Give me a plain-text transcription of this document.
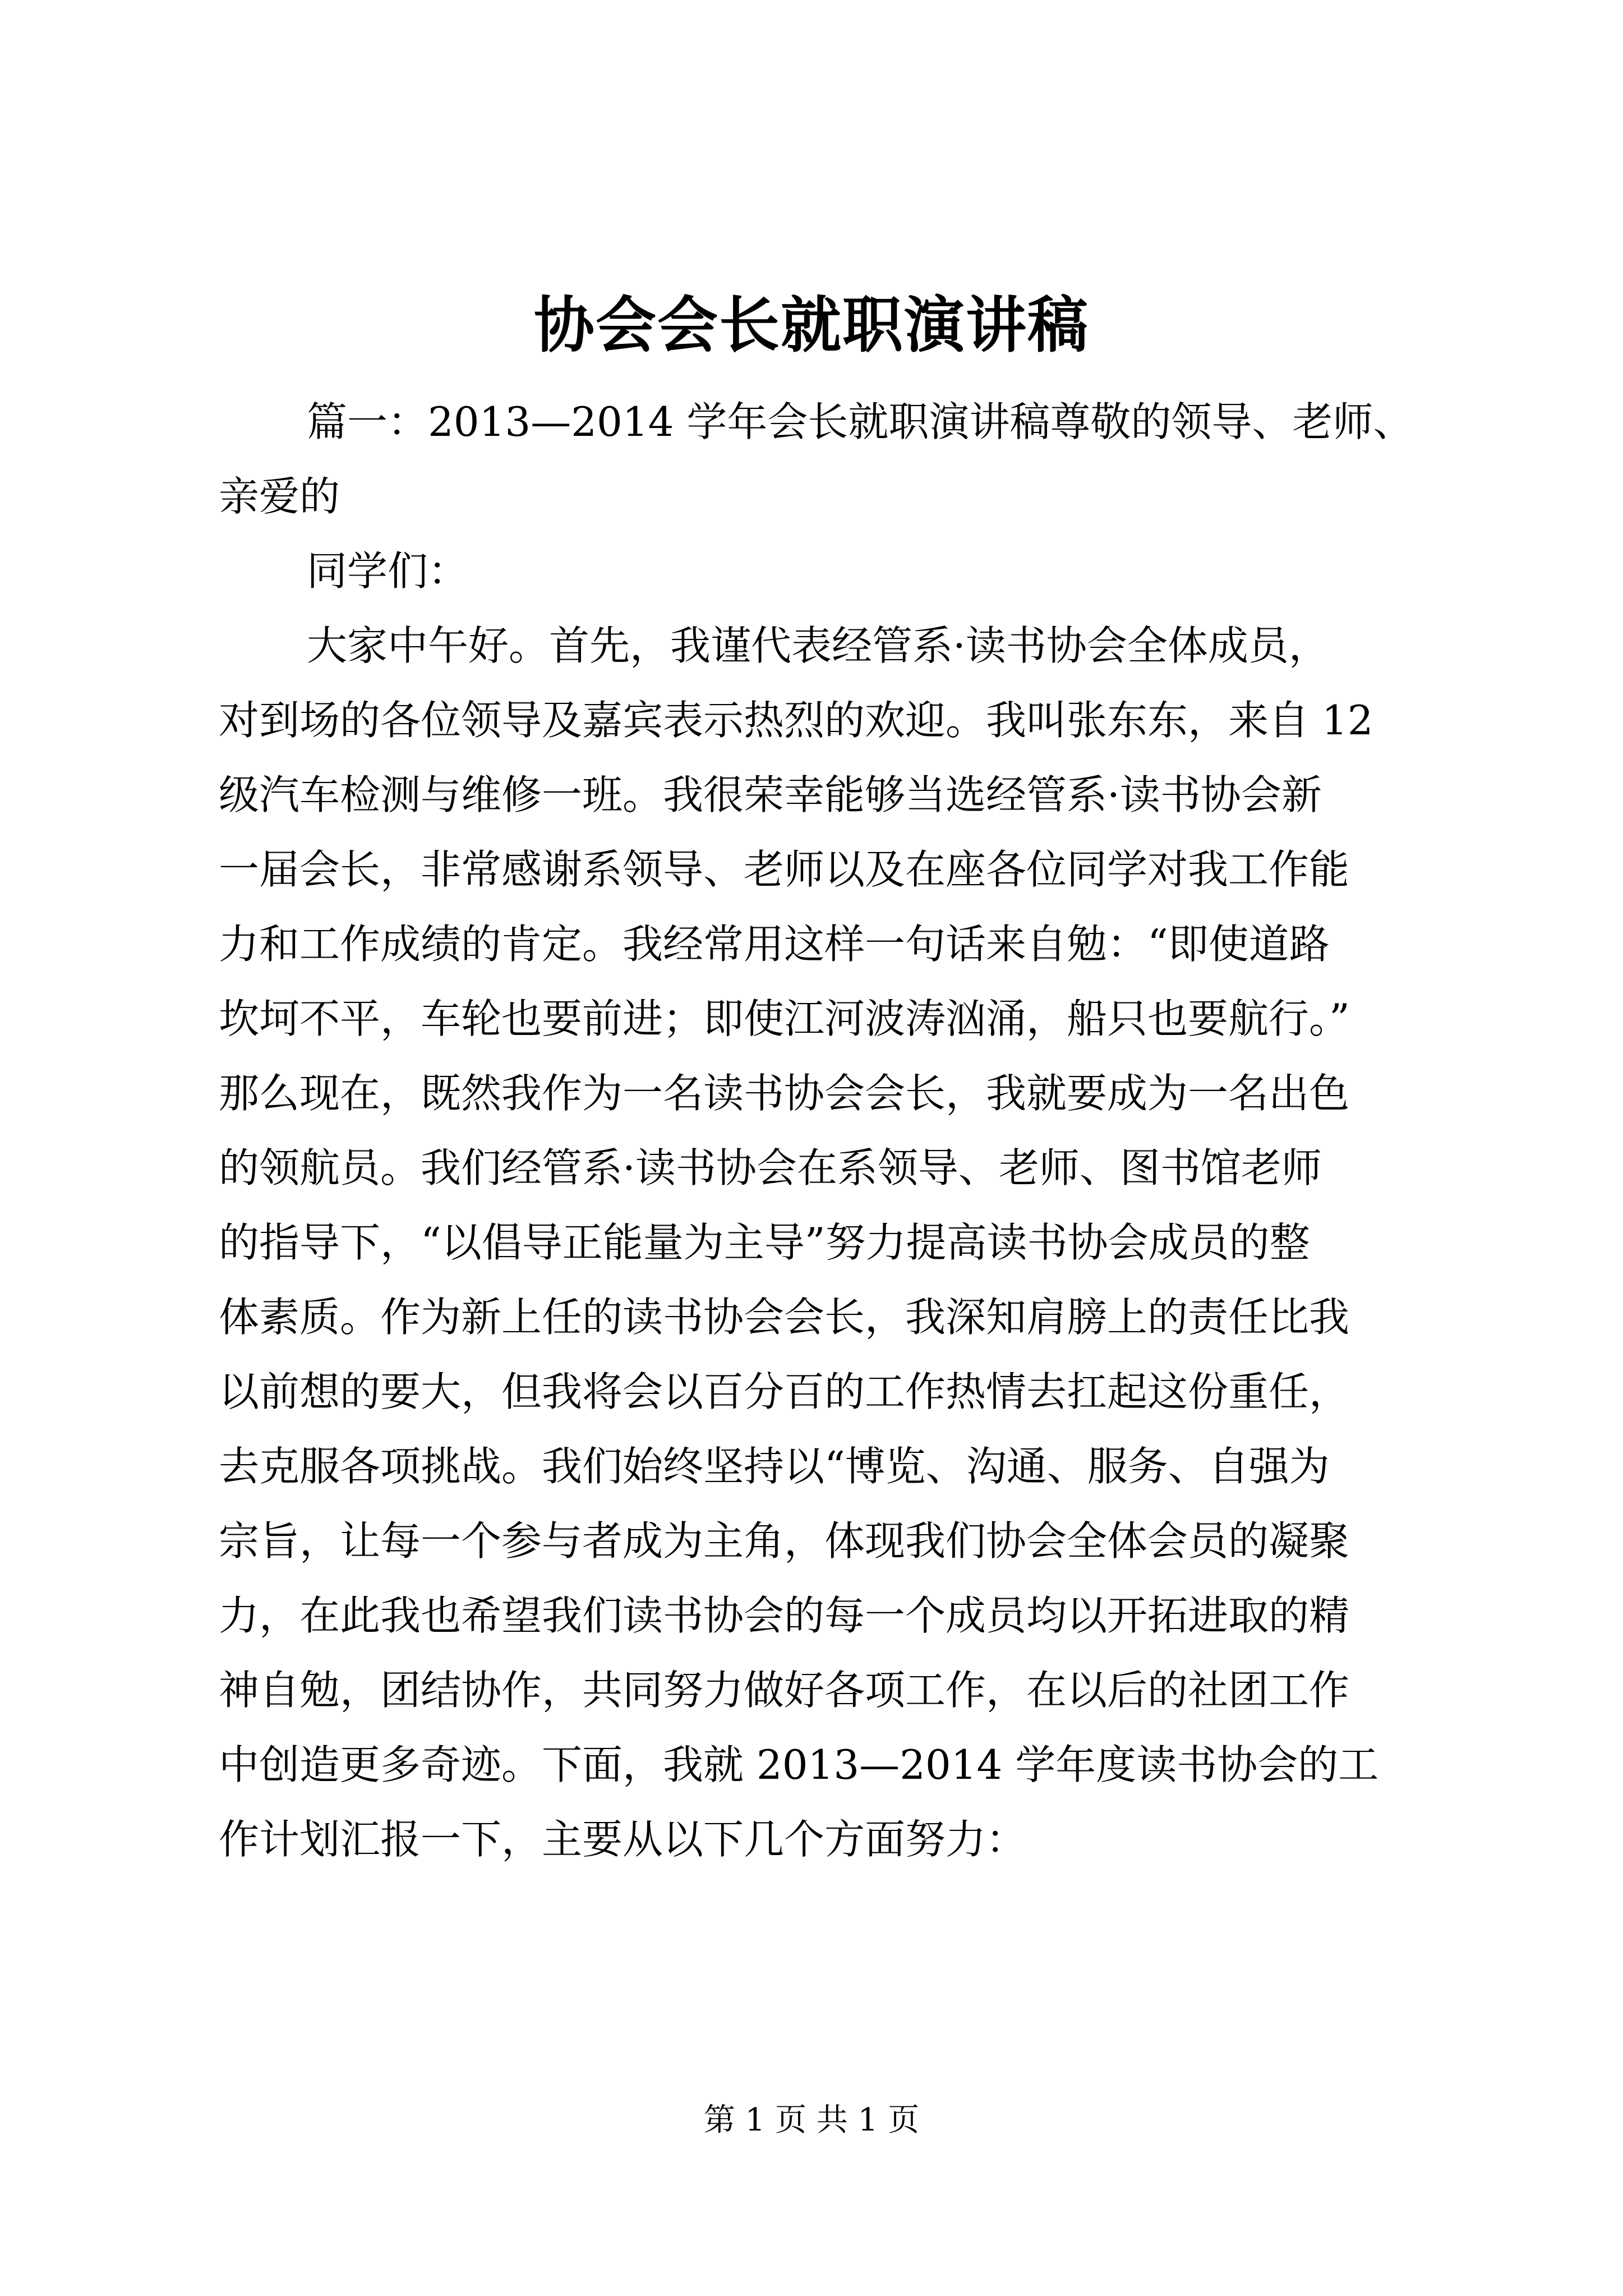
协会会长就职演讲稿
篇一：2013—2014 学年会长就职演讲稿尊敬的领导、老师、
亲爱的
同学们：
大家中午好。首先，我谨代表经管系·读书协会全体成员，
对到场的各位领导及嘉宾表示热烈的欢迎。我叫张东东，来自 12
级汽车检测与维修一班。我很荣幸能够当选经管系·读书协会新
一届会长，非常感谢系领导、老师以及在座各位同学对我工作能
力和工作成绩的肯定。我经常用这样一句话来自勉：“即使道路
坎坷不平，车轮也要前进；即使江河波涛汹涌，船只也要航行。”
那么现在，既然我作为一名读书协会会长，我就要成为一名出色
的领航员。我们经管系·读书协会在系领导、老师、图书馆老师
的指导下，“以倡导正能量为主导”努力提高读书协会成员的整
体素质。作为新上任的读书协会会长，我深知肩膀上的责任比我
以前想的要大，但我将会以百分百的工作热情去扛起这份重任，
去克服各项挑战。我们始终坚持以“博览、沟通、服务、自强为
宗旨，让每一个参与者成为主角，体现我们协会全体会员的凝聚
力，在此我也希望我们读书协会的每一个成员均以开拓进取的精
神自勉，团结协作，共同努力做好各项工作，在以后的社团工作
中创造更多奇迹。下面，我就 2013—2014 学年度读书协会的工
作计划汇报一下，主要从以下几个方面努力：
第 1 页 共 1 页
